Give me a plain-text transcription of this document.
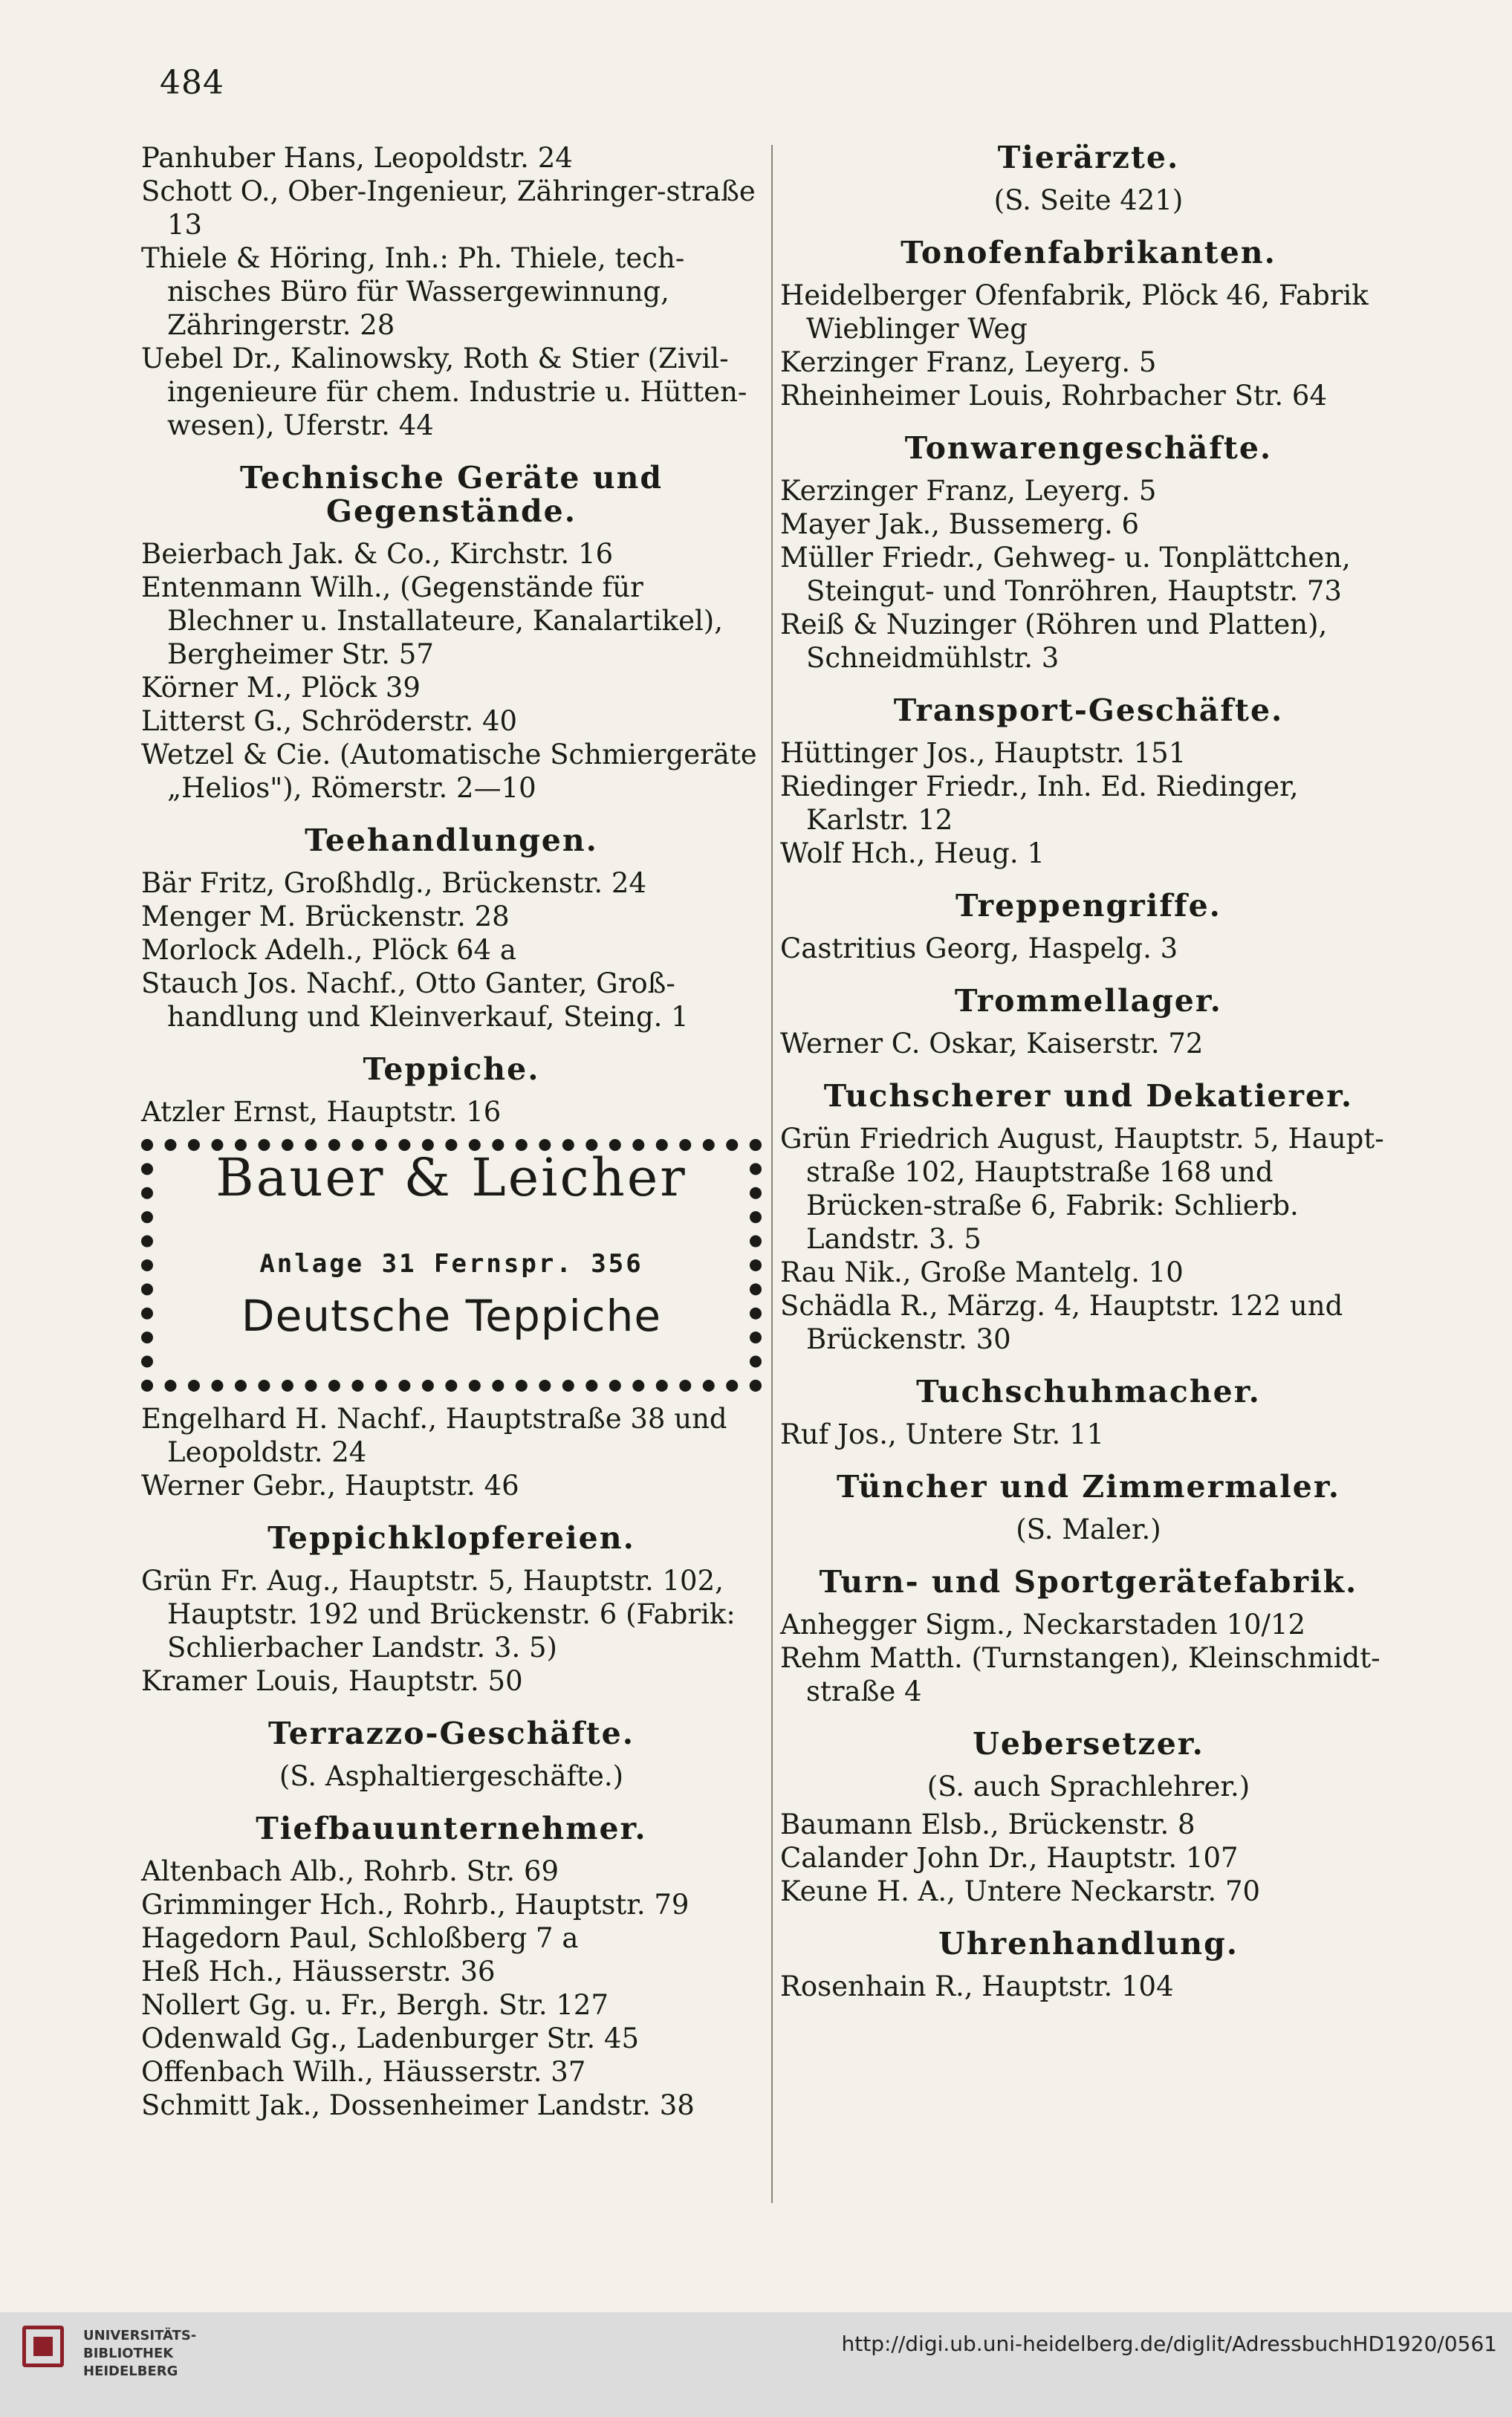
484
Panhuber Hans, Leopoldstr. 24
Schott O., Ober-Ingenieur, Zähringer-straße 13
Thiele & Höring, Inh.: Ph. Thiele, tech-nisches Büro für Wassergewinnung, Zähringerstr. 28
Uebel Dr., Kalinowsky, Roth & Stier (Zivil-ingenieure für chem. Industrie u. Hütten-wesen), Uferstr. 44
Technische Geräte und Gegenstände.
Beierbach Jak. & Co., Kirchstr. 16
Entenmann Wilh., (Gegenstände für Blechner u. Installateure, Kanalartikel), Bergheimer Str. 57
Körner M., Plöck 39
Litterst G., Schröderstr. 40
Wetzel & Cie. (Automatische Schmiergeräte „Helios"), Römerstr. 2—10
Teehandlungen.
Bär Fritz, Großhdlg., Brückenstr. 24
Menger M. Brückenstr. 28
Morlock Adelh., Plöck 64 a
Stauch Jos. Nachf., Otto Ganter, Groß-handlung und Kleinverkauf, Steing. 1
Teppiche.
Atzler Ernst, Hauptstr. 16
Bauer & Leicher
Anlage 31 Fernspr. 356
Deutsche Teppiche
Engelhard H. Nachf., Hauptstraße 38 und Leopoldstr. 24
Werner Gebr., Hauptstr. 46
Teppichklopfereien.
Grün Fr. Aug., Hauptstr. 5, Hauptstr. 102, Hauptstr. 192 und Brückenstr. 6 (Fabrik: Schlierbacher Landstr. 3. 5)
Kramer Louis, Hauptstr. 50
Terrazzo-Geschäfte.
(S. Asphaltiergeschäfte.)
Tiefbauunternehmer.
Altenbach Alb., Rohrb. Str. 69
Grimminger Hch., Rohrb., Hauptstr. 79
Hagedorn Paul, Schloßberg 7 a
Heß Hch., Häusserstr. 36
Nollert Gg. u. Fr., Bergh. Str. 127
Odenwald Gg., Ladenburger Str. 45
Offenbach Wilh., Häusserstr. 37
Schmitt Jak., Dossenheimer Landstr. 38
Tierärzte.
(S. Seite 421)
Tonofenfabrikanten.
Heidelberger Ofenfabrik, Plöck 46, Fabrik Wieblinger Weg
Kerzinger Franz, Leyerg. 5
Rheinheimer Louis, Rohrbacher Str. 64
Tonwarengeschäfte.
Kerzinger Franz, Leyerg. 5
Mayer Jak., Bussemerg. 6
Müller Friedr., Gehweg- u. Tonplättchen, Steingut- und Tonröhren, Hauptstr. 73
Reiß & Nuzinger (Röhren und Platten), Schneidmühlstr. 3
Transport-Geschäfte.
Hüttinger Jos., Hauptstr. 151
Riedinger Friedr., Inh. Ed. Riedinger, Karlstr. 12
Wolf Hch., Heug. 1
Treppengriffe.
Castritius Georg, Haspelg. 3
Trommellager.
Werner C. Oskar, Kaiserstr. 72
Tuchscherer und Dekatierer.
Grün Friedrich August, Hauptstr. 5, Haupt-straße 102, Hauptstraße 168 und Brücken-straße 6, Fabrik: Schlierb. Landstr. 3. 5
Rau Nik., Große Mantelg. 10
Schädla R., Märzg. 4, Hauptstr. 122 und Brückenstr. 30
Tuchschuhmacher.
Ruf Jos., Untere Str. 11
Tüncher und Zimmermaler.
(S. Maler.)
Turn- und Sportgerätefabrik.
Anhegger Sigm., Neckarstaden 10/12
Rehm Matth. (Turnstangen), Kleinschmidt-straße 4
Uebersetzer.
(S. auch Sprachlehrer.)
Baumann Elsb., Brückenstr. 8
Calander John Dr., Hauptstr. 107
Keune H. A., Untere Neckarstr. 70
Uhrenhandlung.
Rosenhain R., Hauptstr. 104
UNIVERSITÄTS-
BIBLIOTHEK
HEIDELBERG
http://digi.ub.uni-heidelberg.de/diglit/AdressbuchHD1920/0561
